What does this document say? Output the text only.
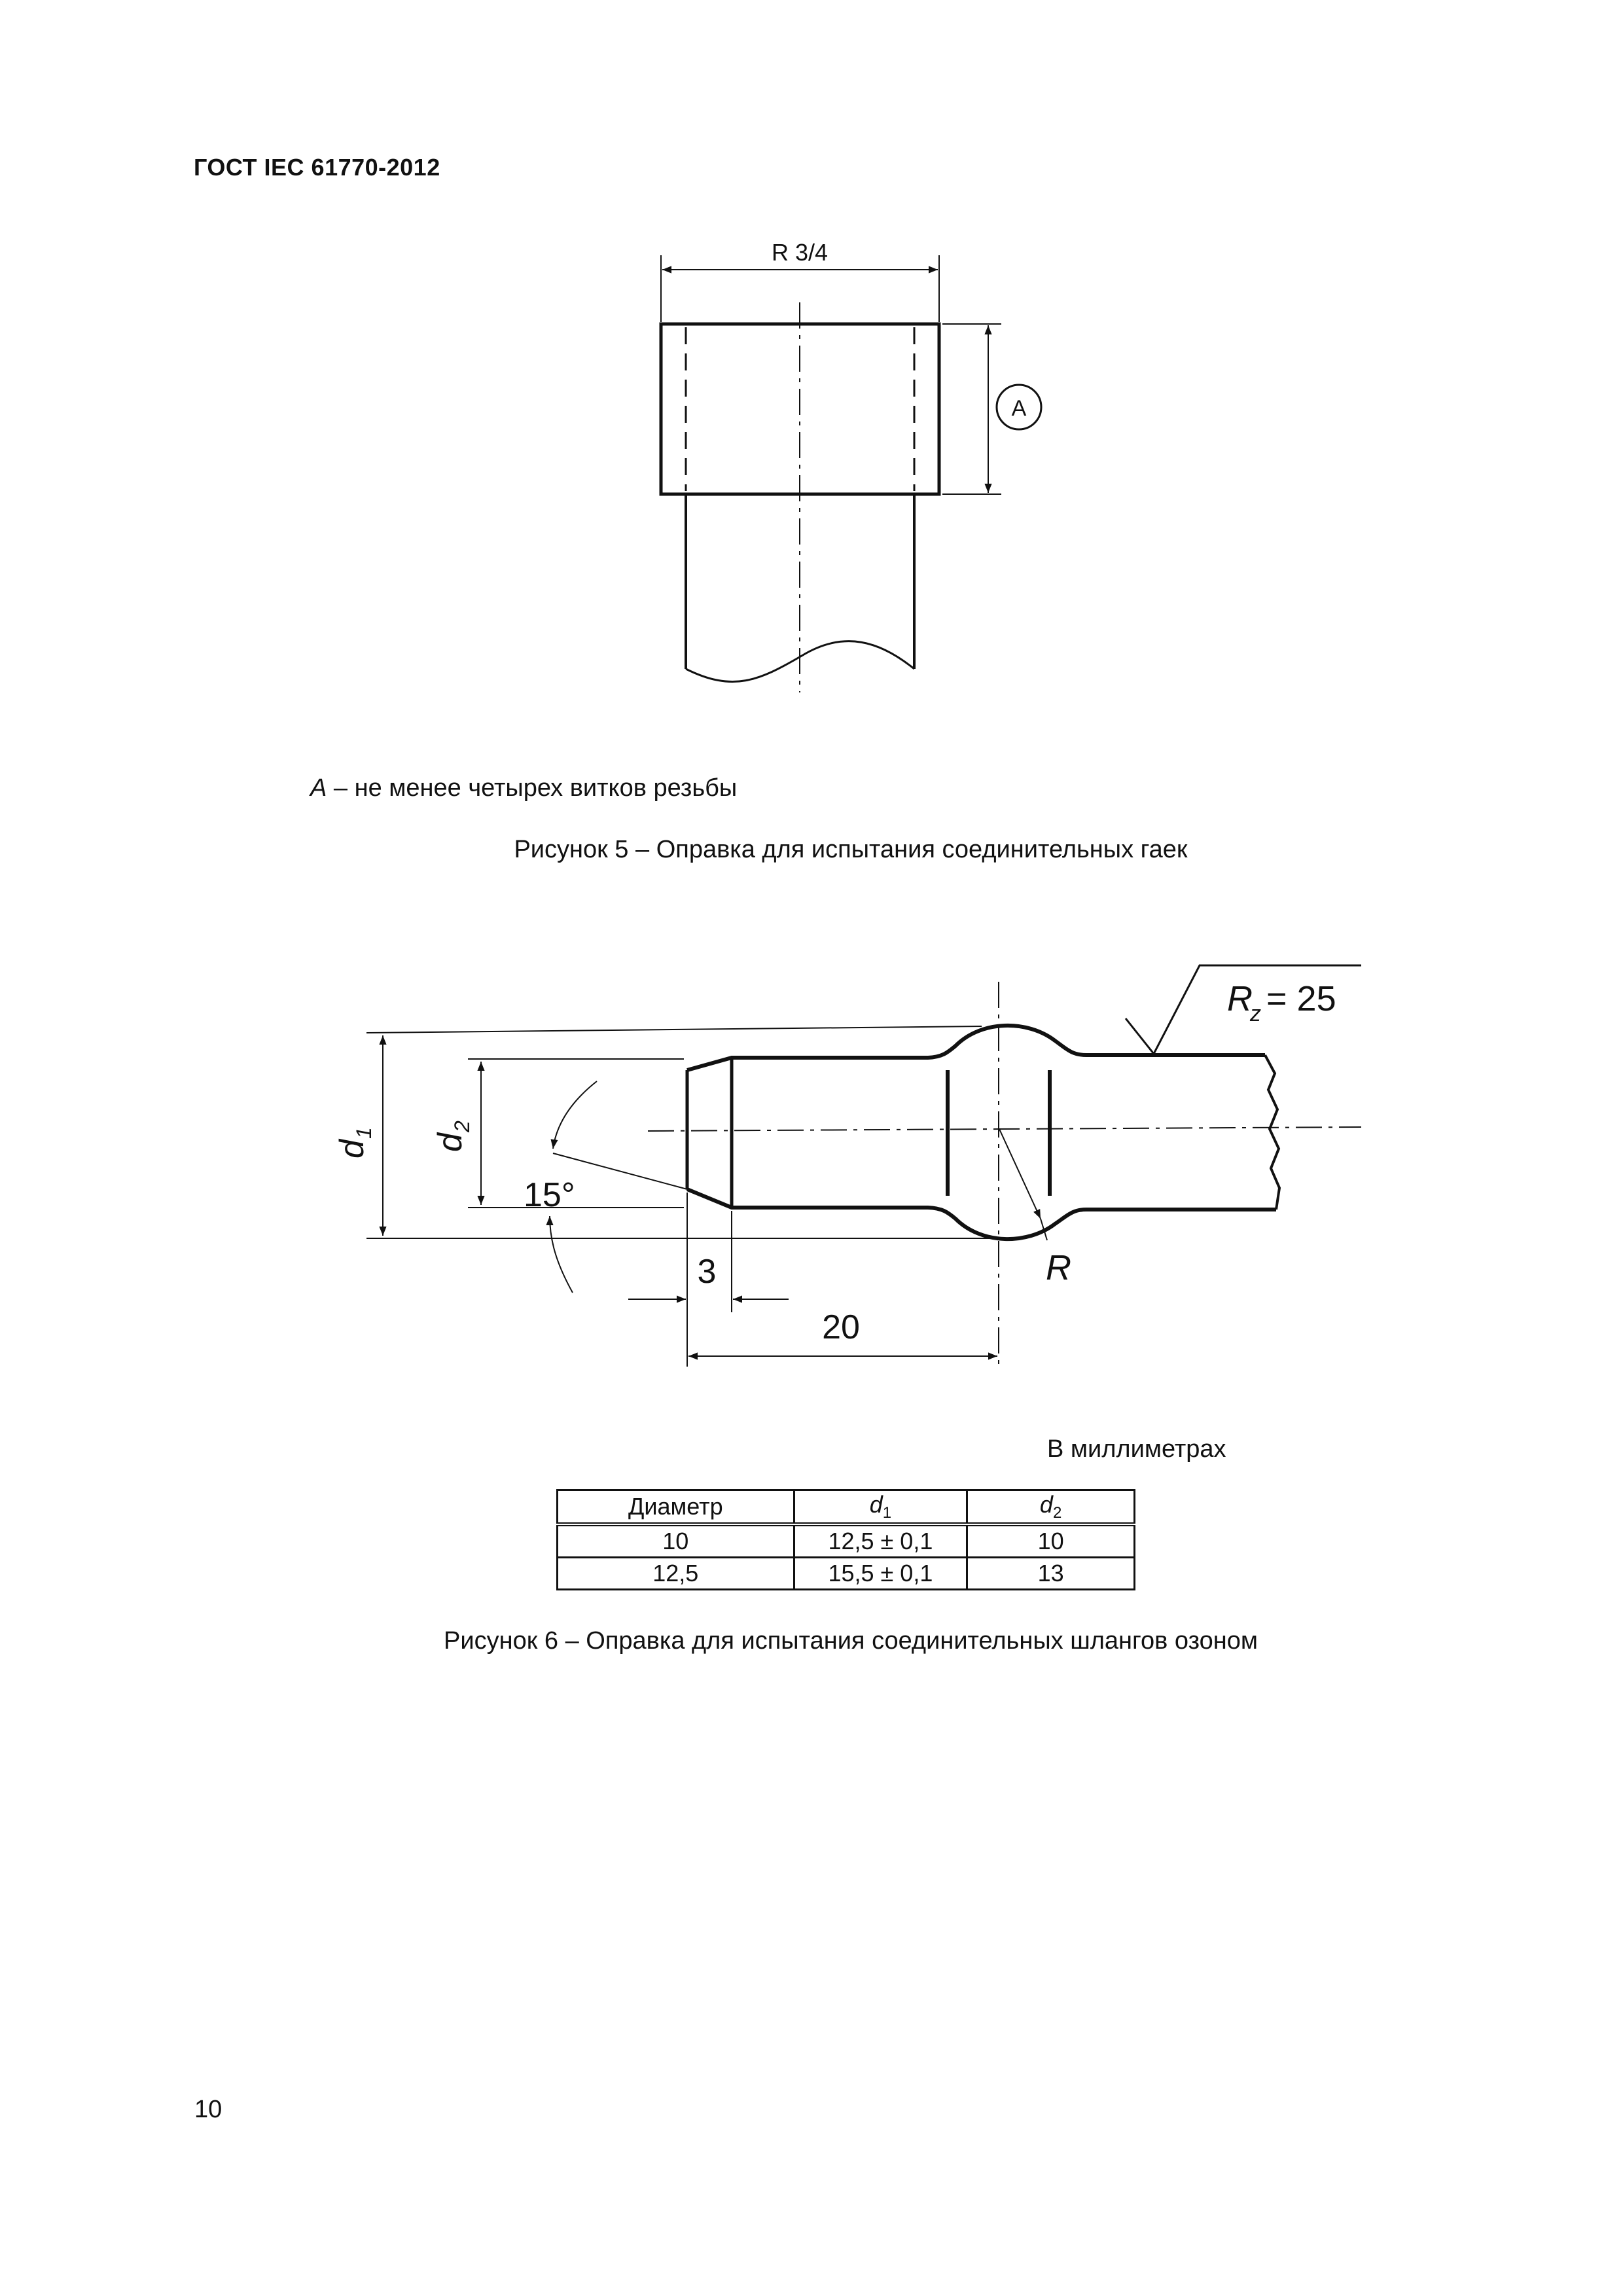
ГОСТ IEC 61770-2012
R 3/4
A
R
z = 25
d
1 d
2
15°
3
20
R
A – не менее четырех витков резьбы
Рисунок 5 – Оправка для испытания соединительных гаек
В миллиметрах
Диаметр	$d_1$	$d_2$
10	12,5 ± 0,1	10
12,5	15,5 ± 0,1	13
Рисунок 6 – Оправка для испытания соединительных шлангов озоном
10
